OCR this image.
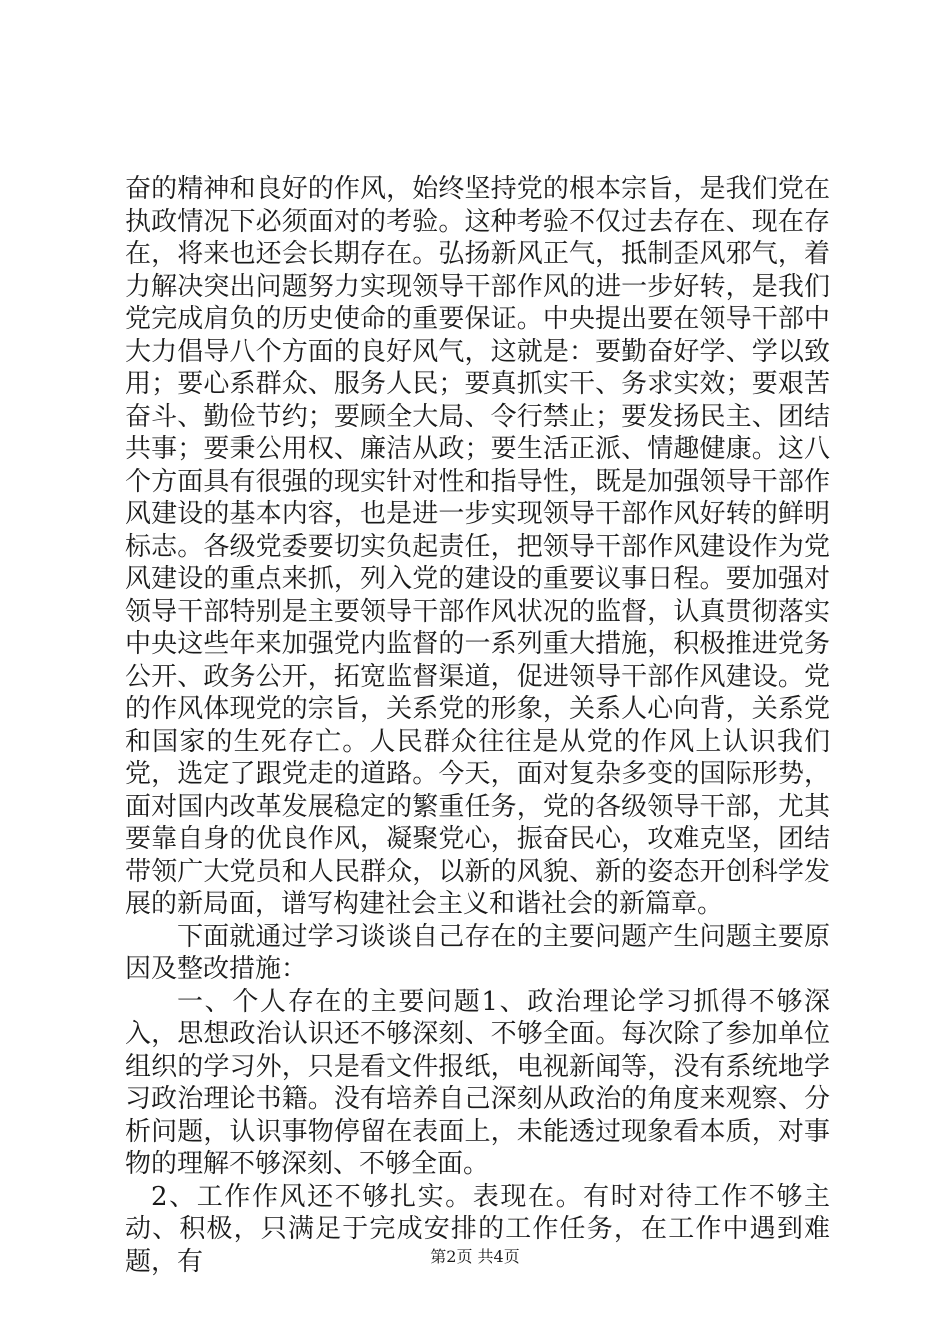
奋的精神和良好的作风，始终坚持党的根本宗旨，是我们党在执政情况下必须面对的考验。这种考验不仅过去存在、现在存在，将来也还会长期存在。弘扬新风正气，抵制歪风邪气，着力解决突出问题努力实现领导干部作风的进一步好转，是我们党完成肩负的历史使命的重要保证。中央提出要在领导干部中大力倡导八个方面的良好风气，这就是：要勤奋好学、学以致用；要心系群众、服务人民；要真抓实干、务求实效；要艰苦奋斗、勤俭节约；要顾全大局、令行禁止；要发扬民主、团结共事；要秉公用权、廉洁从政；要生活正派、情趣健康。这八个方面具有很强的现实针对性和指导性，既是加强领导干部作风建设的基本内容，也是进一步实现领导干部作风好转的鲜明标志。各级党委要切实负起责任，把领导干部作风建设作为党风建设的重点来抓，列入党的建设的重要议事日程。要加强对领导干部特别是主要领导干部作风状况的监督，认真贯彻落实中央这些年来加强党内监督的一系列重大措施，积极推进党务公开、政务公开，拓宽监督渠道，促进领导干部作风建设。党的作风体现党的宗旨，关系党的形象，关系人心向背，关系党和国家的生死存亡。人民群众往往是从党的作风上认识我们党，选定了跟党走的道路。今天，面对复杂多变的国际形势，面对国内改革发展稳定的繁重任务，党的各级领导干部，尤其要靠自身的优良作风，凝聚党心，振奋民心，攻难克坚，团结带领广大党员和人民群众，以新的风貌、新的姿态开创科学发展的新局面，谱写构建社会主义和谐社会的新篇章。

下面就通过学习谈谈自己存在的主要问题产生问题主要原因及整改措施：

一、个人存在的主要问题1、政治理论学习抓得不够深入，思想政治认识还不够深刻、不够全面。每次除了参加单位组织的学习外，只是看文件报纸，电视新闻等，没有系统地学习政治理论书籍。没有培养自己深刻从政治的角度来观察、分析问题，认识事物停留在表面上，未能透过现象看本质，对事物的理解不够深刻、不够全面。

2、工作作风还不够扎实。表现在。有时对待工作不够主动、积极，只满足于完成安排的工作任务，在工作中遇到难题，有	第2页 共4页
